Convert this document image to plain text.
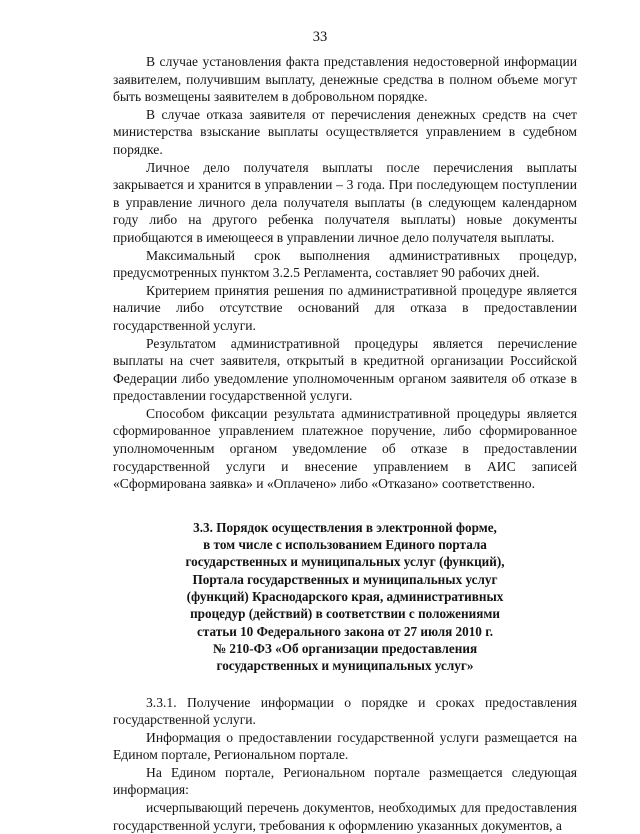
33

В случае установления факта представления недостоверной информации заявителем, получившим выплату, денежные средства в полном объеме могут быть возмещены заявителем в добровольном порядке.

В случае отказа заявителя от перечисления денежных средств на счет министерства взыскание выплаты осуществляется управлением в судебном порядке.

Личное дело получателя выплаты после перечисления выплаты закрывается и хранится в управлении – 3 года. При последующем поступлении в управление личного дела получателя выплаты (в следующем календарном году либо на другого ребенка получателя выплаты) новые документы приобщаются в имеющееся в управлении личное дело получателя выплаты.

Максимальный срок выполнения административных процедур, предусмотренных пунктом 3.2.5 Регламента, составляет 90 рабочих дней.

Критерием принятия решения по административной процедуре является наличие либо отсутствие оснований для отказа в предоставлении государственной услуги.

Результатом административной процедуры является перечисление выплаты на счет заявителя, открытый в кредитной организации Российской Федерации либо уведомление уполномоченным органом заявителя об отказе в предоставлении государственной услуги.

Способом фиксации результата административной процедуры является сформированное управлением платежное поручение, либо сформированное уполномоченным органом уведомление об отказе в предоставлении государственной услуги и внесение управлением в АИС записей «Сформирована заявка» и «Оплачено» либо «Отказано» соответственно.

3.3. Порядок осуществления в электронной форме,
в том числе с использованием Единого портала
государственных и муниципальных услуг (функций),
Портала государственных и муниципальных услуг
(функций) Краснодарского края, административных
процедур (действий) в соответствии с положениями
статьи 10 Федерального закона от 27 июля 2010 г.
№ 210-ФЗ «Об организации предоставления
государственных и муниципальных услуг»

3.3.1. Получение информации о порядке и сроках предоставления государственной услуги.

Информация о предоставлении государственной услуги размещается на Едином портале, Региональном портале.

На Едином портале, Региональном портале размещается следующая информация:

исчерпывающий перечень документов, необходимых для предоставления государственной услуги, требования к оформлению указанных документов, а
